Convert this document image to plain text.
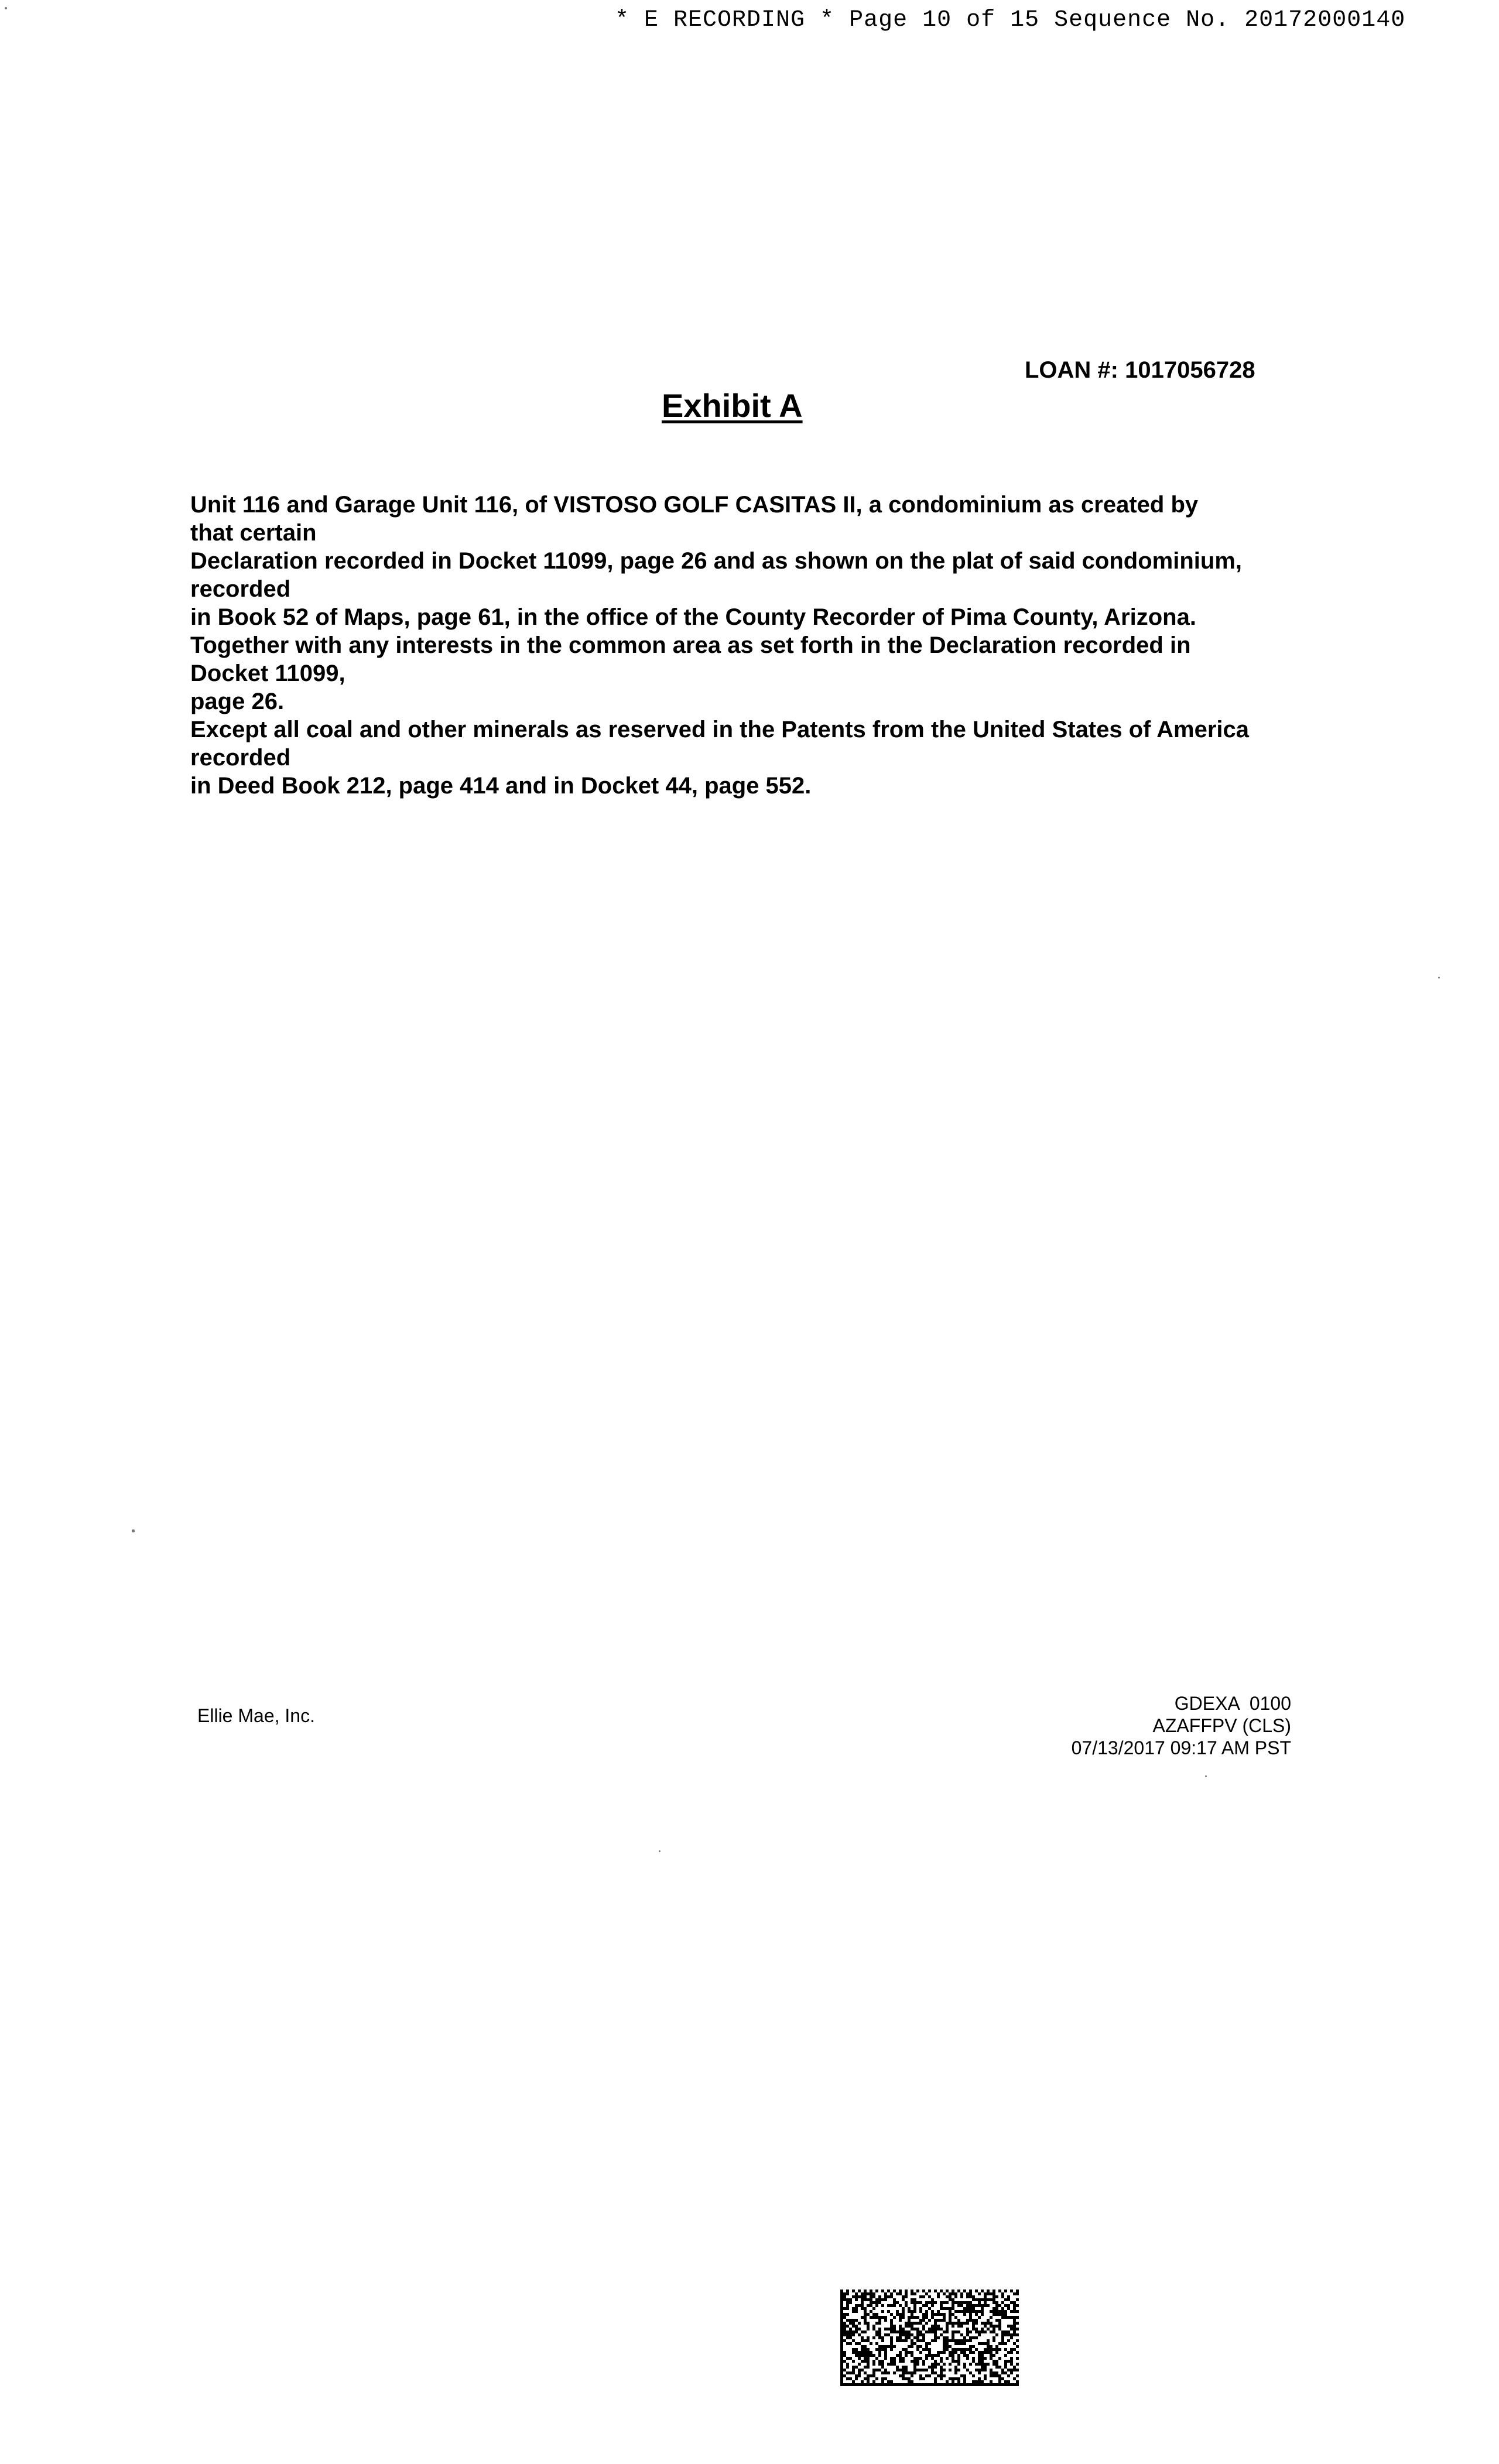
* E RECORDING * Page 10 of 15 Sequence No. 20172000140
LOAN #: 1017056728
Exhibit A
Unit 116 and Garage Unit 116, of VISTOSO GOLF CASITAS II, a condominium as created by
that certain
Declaration recorded in Docket 11099, page 26 and as shown on the plat of said condominium,
recorded
in Book 52 of Maps, page 61, in the office of the County Recorder of Pima County, Arizona.
Together with any interests in the common area as set forth in the Declaration recorded in
Docket 11099,
page 26.
Except all coal and other minerals as reserved in the Patents from the United States of America
recorded
in Deed Book 212, page 414 and in Docket 44, page 552.
Ellie Mae, Inc.
GDEXA  0100
AZAFFPV (CLS)
07/13/2017 09:17 AM PST
